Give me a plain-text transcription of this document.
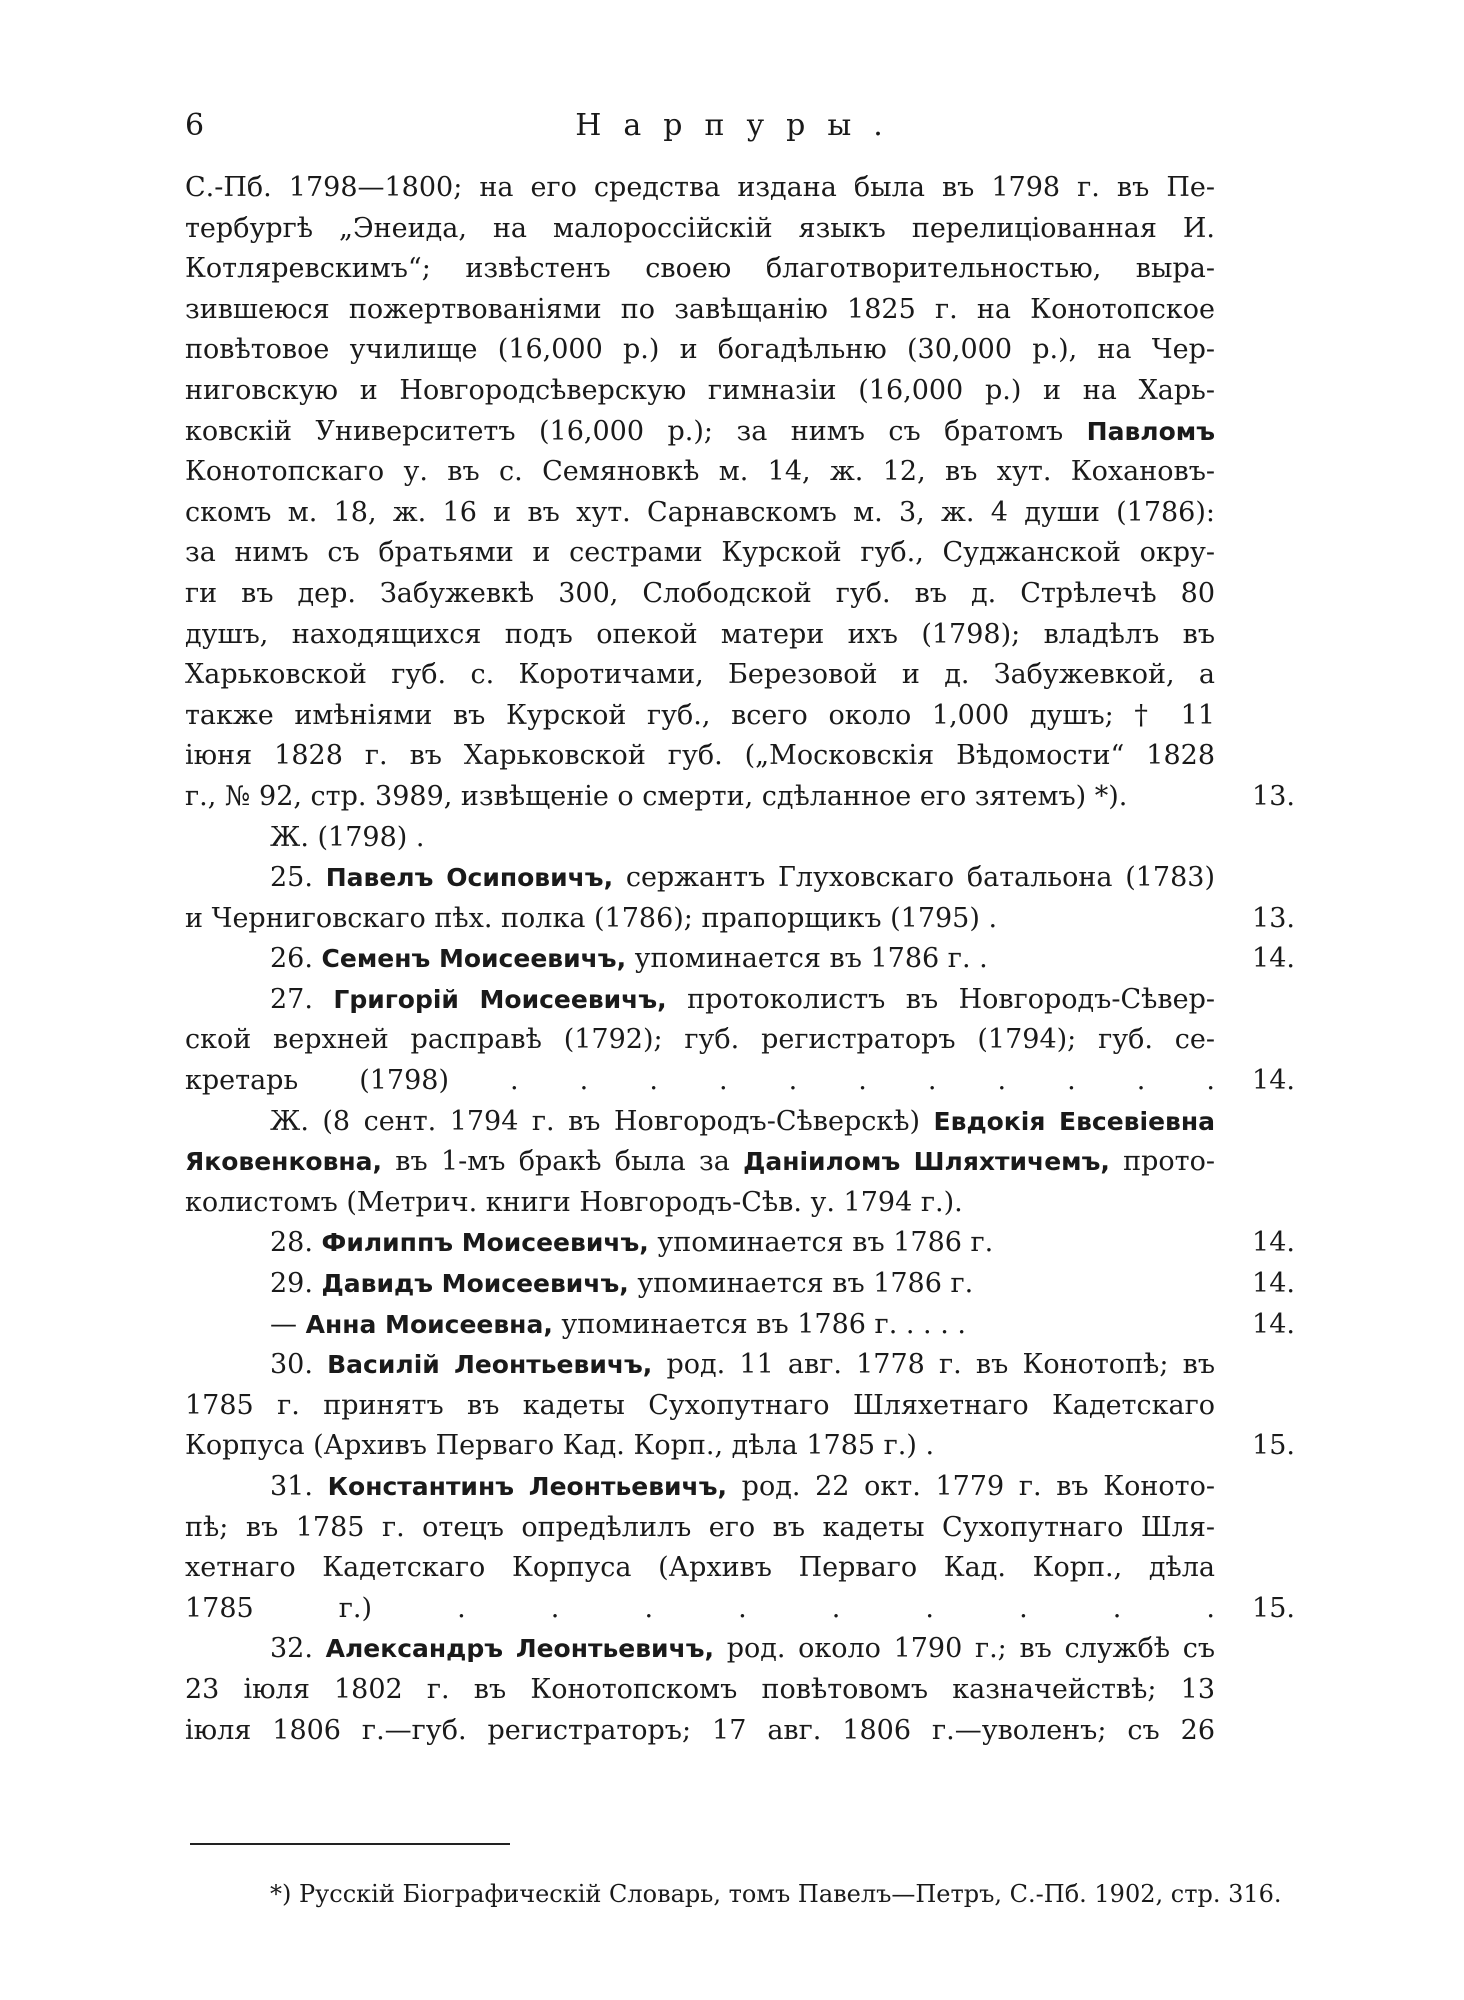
6	Нарпуры.
С.-Пб. 1798—1800; на его средства издана была въ 1798 г. въ Пе-
тербургѣ „Энеида, на малороссійскій языкъ перелицiованная И.
Котляревскимъ“; извѣстенъ своею благотворительностью, выра-
зившеюся пожертвованіями по завѣщанію 1825 г. на Конотопское
повѣтовое училище (16,000 р.) и богадѣльню (30,000 р.), на Чер-
ниговскую и Новгородсѣверскую гимназіи (16,000 р.) и на Харь-
ковскій Университетъ (16,000 р.); за нимъ съ братомъ Павломъ
Конотопскаго у. въ с. Семяновкѣ м. 14, ж. 12, въ хут. Кохановъ-
скомъ м. 18, ж. 16 и въ хут. Сарнавскомъ м. 3, ж. 4 души (1786):
за нимъ съ братьями и сестрами Курской губ., Суджанской окру-
ги въ дер. Забужевкѣ 300, Слободской губ. въ д. Стрѣлечѣ 80
душъ, находящихся подъ опекой матери ихъ (1798); владѣлъ въ
Харьковской губ. с. Коротичами, Березовой и д. Забужевкой, а
также имѣніями въ Курской губ., всего около 1,000 душъ; † 11
іюня 1828 г. въ Харьковской губ. („Московскія Вѣдомости“ 1828
г., № 92, стр. 3989, извѣщеніе о смерти, сдѣланное его зятемъ) *).	13.
Ж. (1798) .
25. Павелъ Осиповичъ, сержантъ Глуховскаго батальона (1783)
и Черниговскаго пѣх. полка (1786); прапорщикъ (1795) .	13.
26. Семенъ Моисеевичъ, упоминается въ 1786 г. .	14.
27. Григорій Моисеевичъ, протоколистъ въ Новгородъ-Сѣвер-
ской верхней расправѣ (1792); губ. регистраторъ (1794); губ. се-
кретарь (1798) . . . . . . . . . . . 14.
Ж. (8 сент. 1794 г. въ Новгородъ-Сѣверскѣ) Евдокія Евсевіевна
Яковенковна, въ 1-мъ бракѣ была за Даніиломъ Шляхтичемъ, прото-
колистомъ (Метрич. книги Новгородъ-Сѣв. у. 1794 г.).
28. Филиппъ Моисеевичъ, упоминается въ 1786 г.	14.
29. Давидъ Моисеевичъ, упоминается въ 1786 г.	14.
— Анна Моисеевна, упоминается въ 1786 г. . . . .	14.
30. Василій Леонтьевичъ, род. 11 авг. 1778 г. въ Конотопѣ; въ
1785 г. принятъ въ кадеты Сухопутнаго Шляхетнаго Кадетскаго
Корпуса (Архивъ Перваго Кад. Корп., дѣла 1785 г.) .	15.
31. Константинъ Леонтьевичъ, род. 22 окт. 1779 г. въ Коното-
пѣ; въ 1785 г. отецъ опредѣлилъ его въ кадеты Сухопутнаго Шля-
хетнаго Кадетскаго Корпуса (Архивъ Перваго Кад. Корп., дѣла
1785 г.) . . . . . . . . . 15.
32. Александръ Леонтьевичъ, род. около 1790 г.; въ службѣ съ
23 іюля 1802 г. въ Конотопскомъ повѣтовомъ казначействѣ; 13
іюля 1806 г.—губ. регистраторъ; 17 авг. 1806 г.—уволенъ; съ 26
*) Русскій Біографическій Словарь, томъ Павелъ—Петръ, С.-Пб. 1902, стр. 316.
